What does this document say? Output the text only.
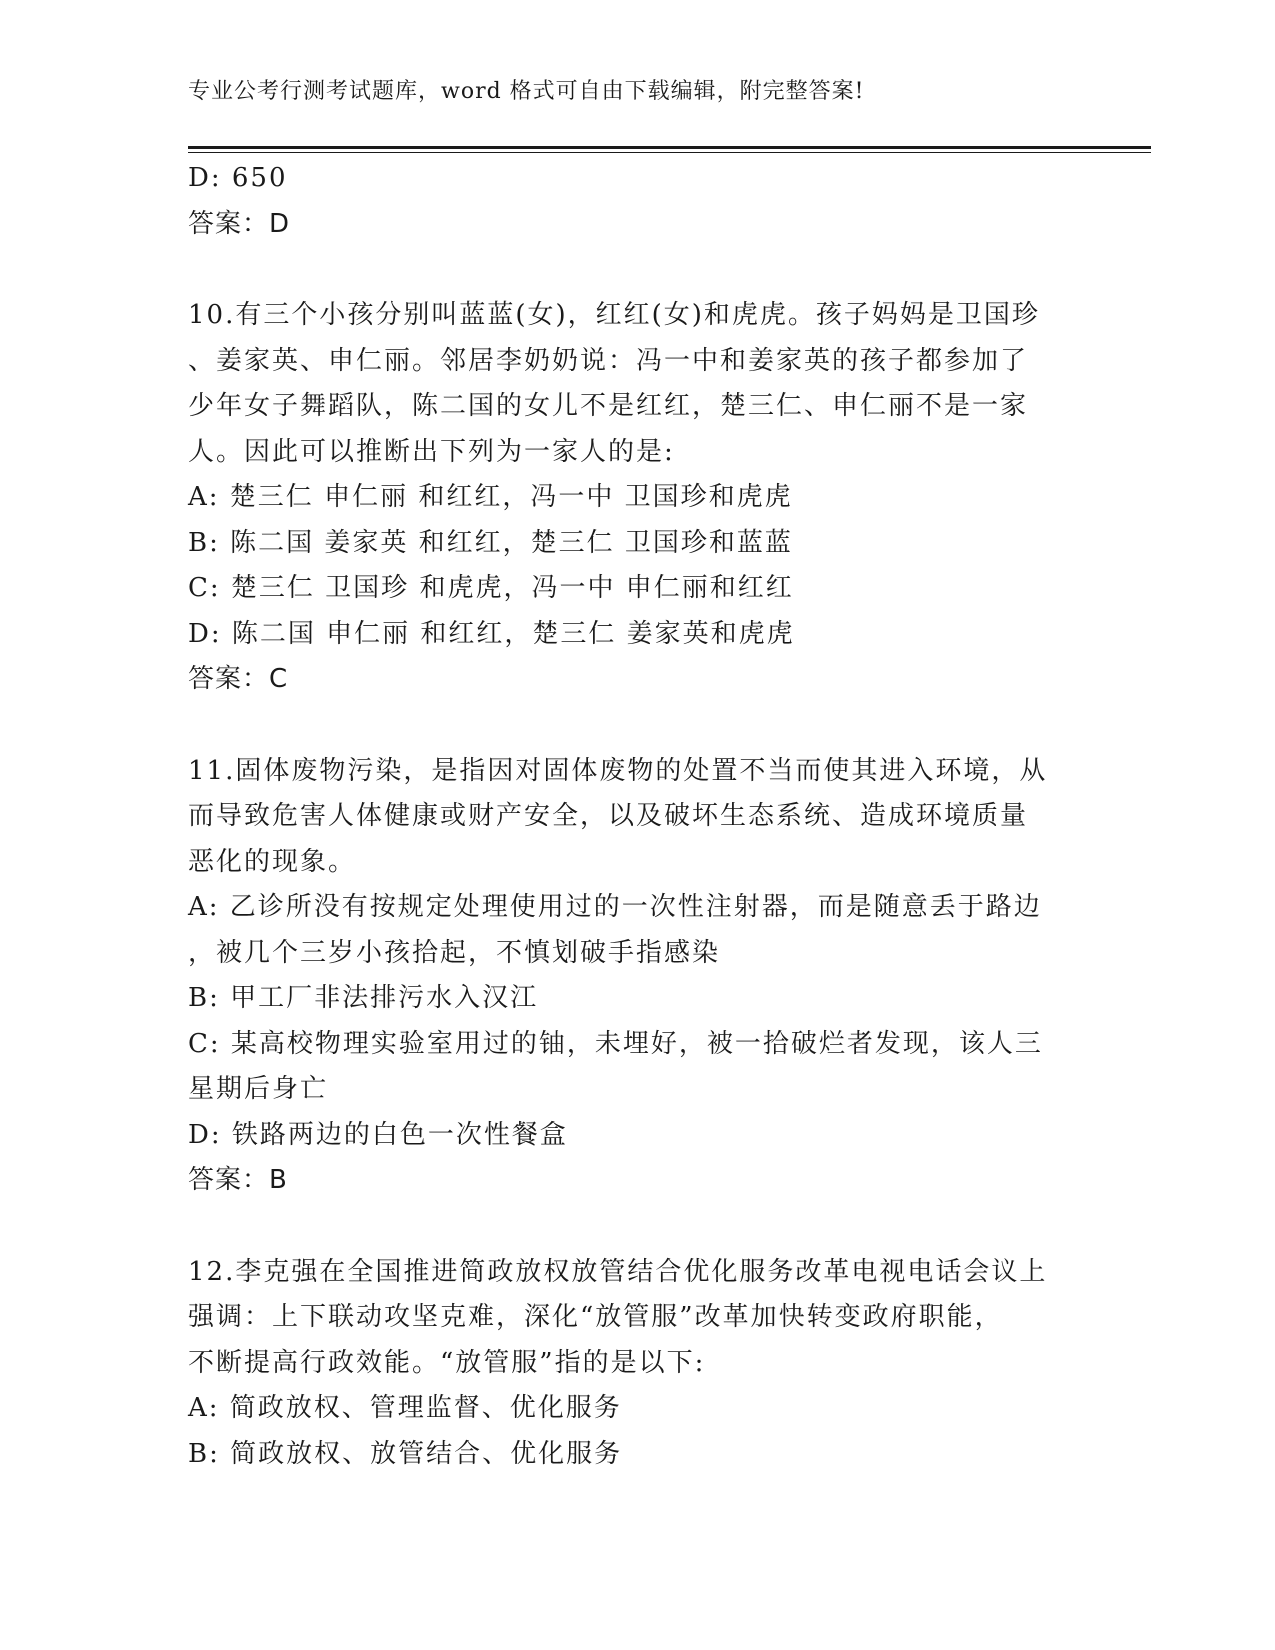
专业公考行测考试题库，word 格式可自由下载编辑，附完整答案!
D: 650
答案：D
10.有三个小孩分别叫蓝蓝(女)，红红(女)和虎虎。孩子妈妈是卫国珍
、姜家英、申仁丽。邻居李奶奶说：冯一中和姜家英的孩子都参加了
少年女子舞蹈队，陈二国的女儿不是红红，楚三仁、申仁丽不是一家
人。因此可以推断出下列为一家人的是:
A: 楚三仁 申仁丽 和红红，冯一中 卫国珍和虎虎
B: 陈二国 姜家英 和红红，楚三仁 卫国珍和蓝蓝
C: 楚三仁 卫国珍 和虎虎，冯一中 申仁丽和红红
D: 陈二国 申仁丽 和红红，楚三仁 姜家英和虎虎
答案：C
11.固体废物污染，是指因对固体废物的处置不当而使其进入环境，从
而导致危害人体健康或财产安全，以及破坏生态系统、造成环境质量
恶化的现象。
A: 乙诊所没有按规定处理使用过的一次性注射器，而是随意丢于路边
，被几个三岁小孩拾起，不慎划破手指感染
B: 甲工厂非法排污水入汉江
C: 某高校物理实验室用过的铀，未埋好，被一拾破烂者发现，该人三
星期后身亡
D: 铁路两边的白色一次性餐盒
答案：B
12.李克强在全国推进简政放权放管结合优化服务改革电视电话会议上
强调：上下联动攻坚克难，深化“放管服”改革加快转变政府职能，
不断提高行政效能。“放管服”指的是以下:
A: 简政放权、管理监督、优化服务
B: 简政放权、放管结合、优化服务
